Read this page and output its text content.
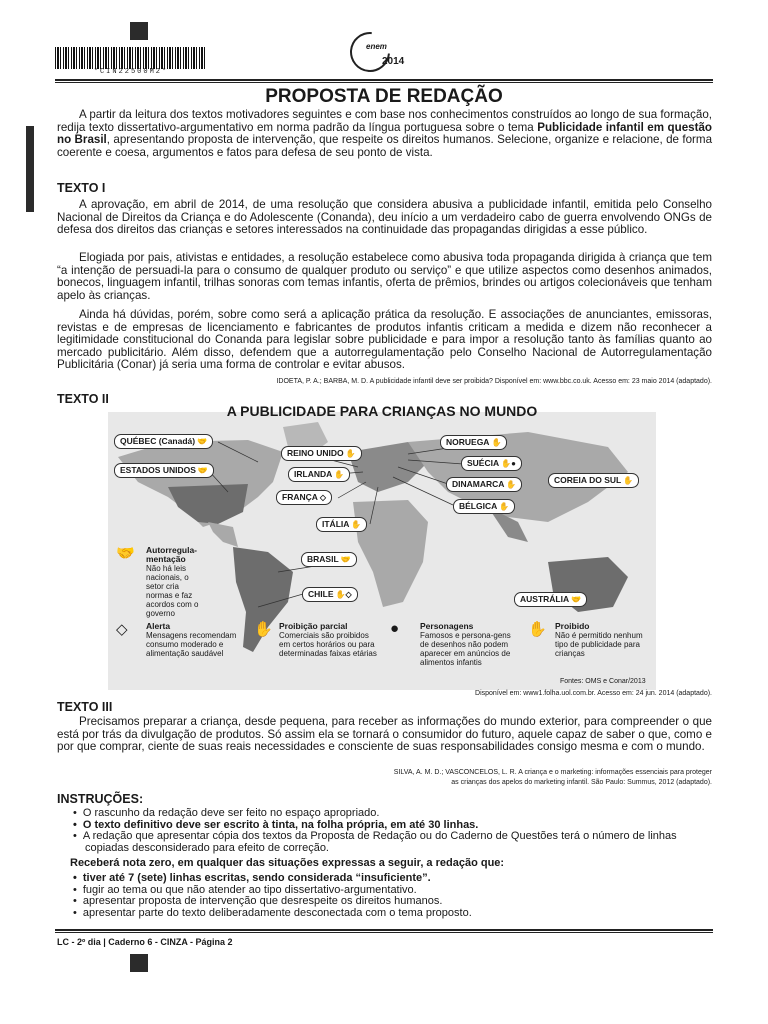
*CIN22500M2*
enem
2014
PROPOSTA DE REDAÇÃO
A partir da leitura dos textos motivadores seguintes e com base nos conhecimentos construídos ao longo de sua formação, redija texto dissertativo-argumentativo em norma padrão da língua portuguesa sobre o tema Publicidade infantil em questão no Brasil, apresentando proposta de intervenção, que respeite os direitos humanos. Selecione, organize e relacione, de forma coerente e coesa, argumentos e fatos para defesa de seu ponto de vista.
TEXTO I
A aprovação, em abril de 2014, de uma resolução que considera abusiva a publicidade infantil, emitida pelo Conselho Nacional de Direitos da Criança e do Adolescente (Conanda), deu início a um verdadeiro cabo de guerra envolvendo ONGs de defesa dos direitos das crianças e setores interessados na continuidade das propagandas dirigidas a esse público.
Elogiada por pais, ativistas e entidades, a resolução estabelece como abusiva toda propaganda dirigida à criança que tem “a intenção de persuadi-la para o consumo de qualquer produto ou serviço” e que utilize aspectos como desenhos animados, bonecos, linguagem infantil, trilhas sonoras com temas infantis, oferta de prêmios, brindes ou artigos colecionáveis que tenham apelo às crianças.
Ainda há dúvidas, porém, sobre como será a aplicação prática da resolução. E associações de anunciantes, emissoras, revistas e de empresas de licenciamento e fabricantes de produtos infantis criticam a medida e dizem não reconhecer a legitimidade constitucional do Conanda para legislar sobre publicidade e para impor a resolução tanto às famílias quanto ao mercado publicitário. Além disso, defendem que a autorregulamentação pelo Conselho Nacional de Autorregulamentação Publicitária (Conar) já seria uma forma de controlar e evitar abusos.
IDOETA, P. A.; BARBA, M. D. A publicidade infantil deve ser proibida? Disponível em: www.bbc.co.uk. Acesso em: 23 maio 2014 (adaptado).
TEXTO II
A PUBLICIDADE PARA CRIANÇAS NO MUNDO
QUÉBEC (Canadá) 🤝
ESTADOS UNIDOS 🤝
REINO UNIDO ✋
IRLANDA ✋
FRANÇA ◇
ITÁLIA ✋
NORUEGA ✋
SUÉCIA ✋●
DINAMARCA ✋
BÉLGICA ✋
COREIA DO SUL ✋
BRASIL 🤝
CHILE ✋◇	AUSTRÁLIA 🤝
🤝 Autorregula-mentação
Não há leis nacionais, o setor cria normas e faz acordos com o governo
◇ Alerta
Mensagens recomendam consumo moderado e alimentação saudável
✋ Proibição parcial
Comerciais são proibidos em certos horários ou para determinadas faixas etárias
● Personagens
Famosos e persona-gens de desenhos não podem aparecer em anúncios de alimentos infantis
✋ Proibido
Não é permitido nenhum tipo de publicidade para crianças
Fontes: OMS e Conar/2013
Disponível em: www1.folha.uol.com.br. Acesso em: 24 jun. 2014 (adaptado).
TEXTO III
Precisamos preparar a criança, desde pequena, para receber as informações do mundo exterior, para compreender o que está por trás da divulgação de produtos. Só assim ela se tornará o consumidor do futuro, aquele capaz de saber o que, como e por que comprar, ciente de suas reais necessidades e consciente de suas responsabilidades consigo mesma e com o mundo.
SILVA, A. M. D.; VASCONCELOS, L. R. A criança e o marketing: informações essenciais para proteger
as crianças dos apelos do marketing infantil. São Paulo: Summus, 2012 (adaptado).
INSTRUÇÕES:
• O rascunho da redação deve ser feito no espaço apropriado.
• O texto definitivo deve ser escrito à tinta, na folha própria, em até 30 linhas.
• A redação que apresentar cópia dos textos da Proposta de Redação ou do Caderno de Questões terá o número de linhas copiadas desconsiderado para efeito de correção.
Receberá nota zero, em qualquer das situações expressas a seguir, a redação que:
• tiver até 7 (sete) linhas escritas, sendo considerada “insuficiente”.
• fugir ao tema ou que não atender ao tipo dissertativo-argumentativo.
• apresentar proposta de intervenção que desrespeite os direitos humanos.
• apresentar parte do texto deliberadamente desconectada com o tema proposto.
LC - 2º dia | Caderno 6 - CINZA - Página 2
